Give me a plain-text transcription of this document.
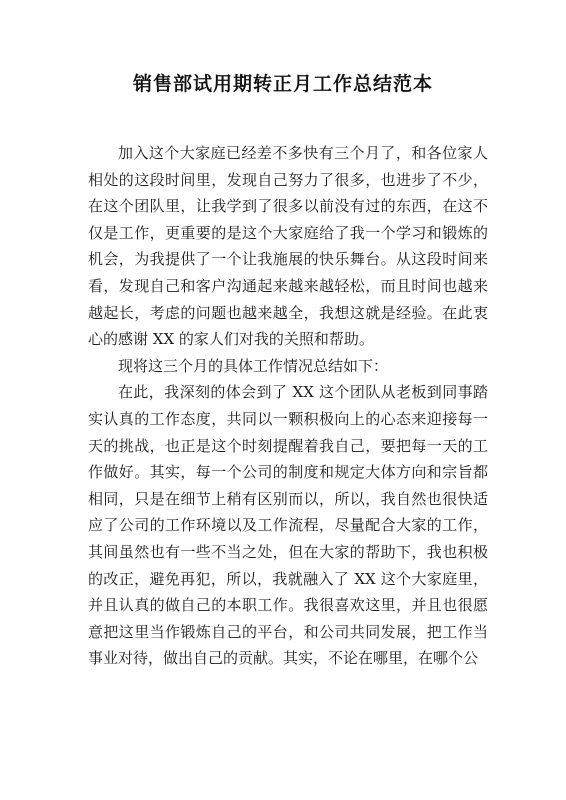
销售部试用期转正月工作总结范本

加入这个大家庭已经差不多快有三个月了，和各位家人相处的这段时间里，发现自己努力了很多，也进步了不少，在这个团队里，让我学到了很多以前没有过的东西，在这不仅是工作，更重要的是这个大家庭给了我一个学习和锻炼的机会，为我提供了一个让我施展的快乐舞台。从这段时间来看，发现自己和客户沟通起来越来越轻松，而且时间也越来越起长，考虑的问题也越来越全，我想这就是经验。在此衷心的感谢 XX 的家人们对我的关照和帮助。

现将这三个月的具体工作情况总结如下：

在此，我深刻的体会到了 XX 这个团队从老板到同事踏实认真的工作态度，共同以一颗积极向上的心态来迎接每一天的挑战，也正是这个时刻提醒着我自己，要把每一天的工作做好。其实，每一个公司的制度和规定大体方向和宗旨都相同，只是在细节上稍有区别而以，所以，我自然也很快适应了公司的工作环境以及工作流程，尽量配合大家的工作，其间虽然也有一些不当之处，但在大家的帮助下，我也积极的改正，避免再犯，所以，我就融入了 XX 这个大家庭里，并且认真的做自己的本职工作。我很喜欢这里，并且也很愿意把这里当作锻炼自己的平台，和公司共同发展，把工作当事业对待，做出自己的贡献。其实，不论在哪里，在哪个公
